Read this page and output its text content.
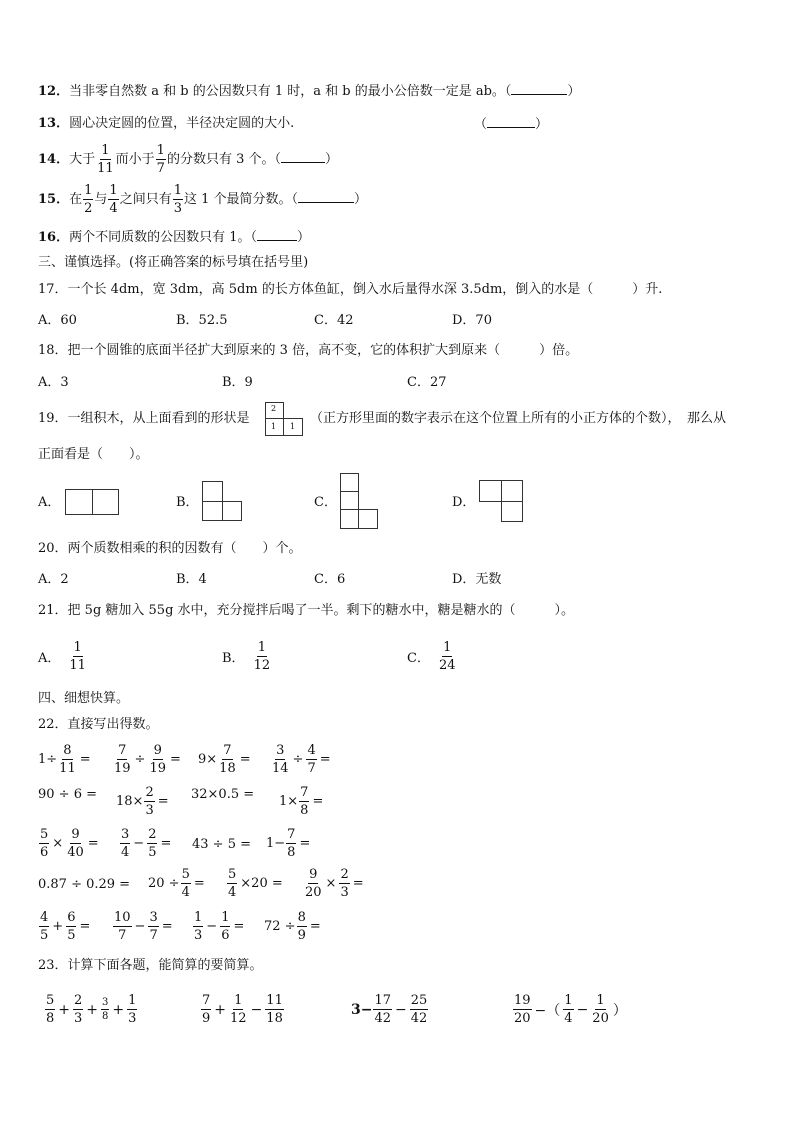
12．当非零自然数 a 和 b 的公因数只有 1 时，a 和 b 的最小公倍数一定是 ab。（	）
13．圆心决定圆的位置，半径决定圆的大小.	（	）
14．大于 $\frac{1}{11}$ 而小于 $\frac{1}{7}$ 的分数只有 3 个。（	）
15．在 $\frac{1}{2}$ 与 $\frac{1}{4}$ 之间只有 $\frac{1}{3}$ 这 1 个最简分数。（	）
16．两个不同质数的公因数只有 1。（	）
三、谨慎选择。(将正确答案的标号填在括号里)
17．一个长 4dm，宽 3dm，高 5dm 的长方体鱼缸，倒入水后量得水深 3.5dm，倒入的水是（　　　）升.
A．60	B．52.5	C．42	D．70
18．把一个圆锥的底面半径扩大到原来的 3 倍，高不变，它的体积扩大到原来（　　　）倍。
A．3	B．9	C．27
19．一组积木，从上面看到的形状是
2
1 1
（正方形里面的数字表示在这个位置上所有的小正方体的个数），　那么从
正面看是（　　）。
A．	B．	C．	D．
20．两个质数相乘的积的因数有（　　）个。
A．2	B．4	C．6	D．无数
21．把 5g 糖加入 55g 水中，充分搅拌后喝了一半。剩下的糖水中，糖是糖水的（　　　）。
A． $\frac{1}{11}$	B． $\frac{1}{12}$	C． $\frac{1}{24}$
四、细想快算。
22．直接写出得数。
$1\div \frac{8}{11} = \frac{7}{19} \div \frac{9}{19} = 9\times \frac{7}{18} = \frac{3}{14} \div \frac{4}{7}$ =
$90 \div 6 = 18\times \frac{2}{3} = 32\times 0.5 = 1\times \frac{7}{8}$ =
$\frac{5}{6} \times \frac{9}{40} = \frac{3}{4} - \frac{2}{5} = 43 \div 5 = 1- \frac{7}{8}$ =
$0.87 \div 0.29 = 20 \div \frac{5}{4} = \frac{5}{4} \times 20 = \frac{9}{20} \times \frac{2}{3}$ =
$\frac{4}{5} + \frac{6}{5} = \frac{10}{7} - \frac{3}{7} = \frac{1}{3} - \frac{1}{6} = 72 \div \frac{8}{9}$ =
23．计算下面各题，能简算的要简算。
$\frac{5}{8} + \frac{2}{3} + \frac{3}{8} + \frac{1}{3}$	$\frac{7}{9} + \frac{1}{12} - \frac{11}{18}$	$3- \frac{17}{42} - \frac{25}{42}$	$\frac{19}{20}$ −（ $\frac{1}{4} - \frac{1}{20}$ ）
